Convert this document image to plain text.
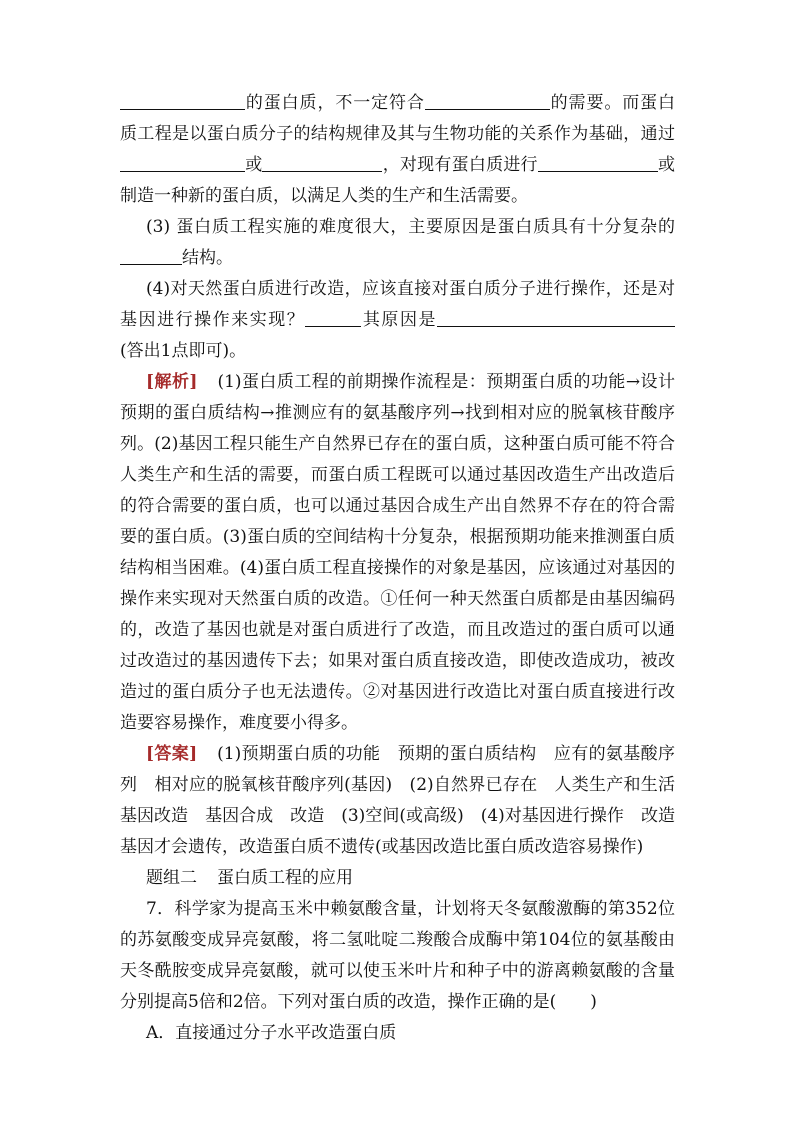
的蛋白质，不一定符合	的需要。而蛋白质工程是以蛋白质分子的结构规律及其与生物功能的关系作为基础，通过或	，对现有蛋白质进行	或制造一种新的蛋白质，以满足人类的生产和生活需要。

(3) 蛋白质工程实施的难度很大，主要原因是蛋白质具有十分复杂的结构。

(4)对天然蛋白质进行改造，应该直接对蛋白质分子进行操作，还是对基因进行操作来实现？	其原因是(答出1点即可)。

[解析] (1)蛋白质工程的前期操作流程是：预期蛋白质的功能→设计预期的蛋白质结构→推测应有的氨基酸序列→找到相对应的脱氧核苷酸序列。(2)基因工程只能生产自然界已存在的蛋白质，这种蛋白质可能不符合人类生产和生活的需要，而蛋白质工程既可以通过基因改造生产出改造后的符合需要的蛋白质，也可以通过基因合成生产出自然界不存在的符合需要的蛋白质。(3)蛋白质的空间结构十分复杂，根据预期功能来推测蛋白质结构相当困难。(4)蛋白质工程直接操作的对象是基因，应该通过对基因的操作来实现对天然蛋白质的改造。①任何一种天然蛋白质都是由基因编码的，改造了基因也就是对蛋白质进行了改造，而且改造过的蛋白质可以通过改造过的基因遗传下去；如果对蛋白质直接改造，即使改造成功，被改造过的蛋白质分子也无法遗传。②对基因进行改造比对蛋白质直接进行改造要容易操作，难度要小得多。

[答案] (1)预期蛋白质的功能　预期的蛋白质结构　应有的氨基酸序列　相对应的脱氧核苷酸序列(基因)　(2)自然界已存在　人类生产和生活　基因改造　基因合成　改造　(3)空间(或高级)　(4)对基因进行操作　改造基因才会遗传，改造蛋白质不遗传(或基因改造比蛋白质改造容易操作)

题组二 蛋白质工程的应用

7．科学家为提高玉米中赖氨酸含量，计划将天冬氨酸激酶的第352位的苏氨酸变成异亮氨酸，将二氢吡啶二羧酸合成酶中第104位的氨基酸由天冬酰胺变成异亮氨酸，就可以使玉米叶片和种子中的游离赖氨酸的含量分别提高5倍和2倍。下列对蛋白质的改造，操作正确的是(　　)

A．直接通过分子水平改造蛋白质
